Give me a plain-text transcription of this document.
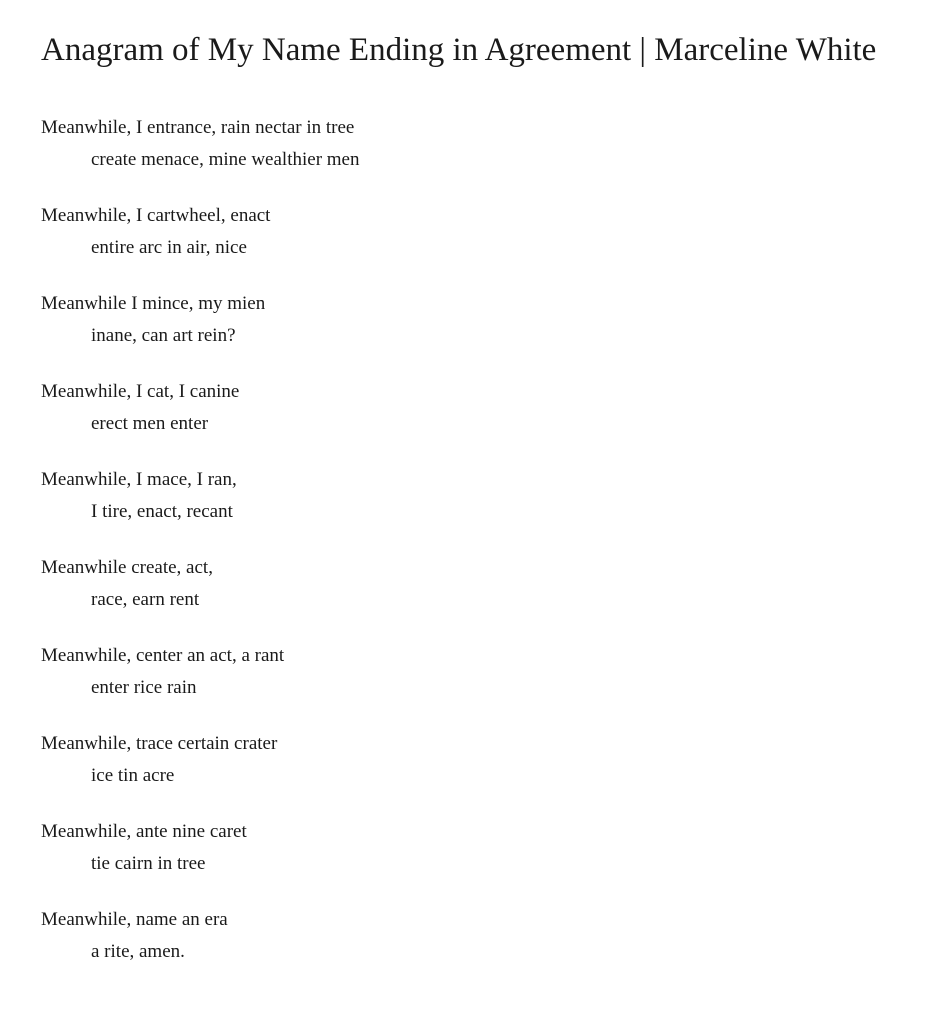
Anagram of My Name Ending in Agreement | Marceline White

Meanwhile, I entrance, rain nectar in tree
create menace, mine wealthier men

Meanwhile, I cartwheel, enact
entire arc in air, nice

Meanwhile I mince, my mien
inane, can art rein?

Meanwhile, I cat, I canine
erect men enter

Meanwhile, I mace, I ran,
I tire, enact, recant

Meanwhile create, act,
race, earn rent

Meanwhile, center an act, a rant
enter rice rain

Meanwhile, trace certain crater
ice tin acre

Meanwhile, ante nine caret
tie cairn in tree

Meanwhile, name an era
a rite, amen.
